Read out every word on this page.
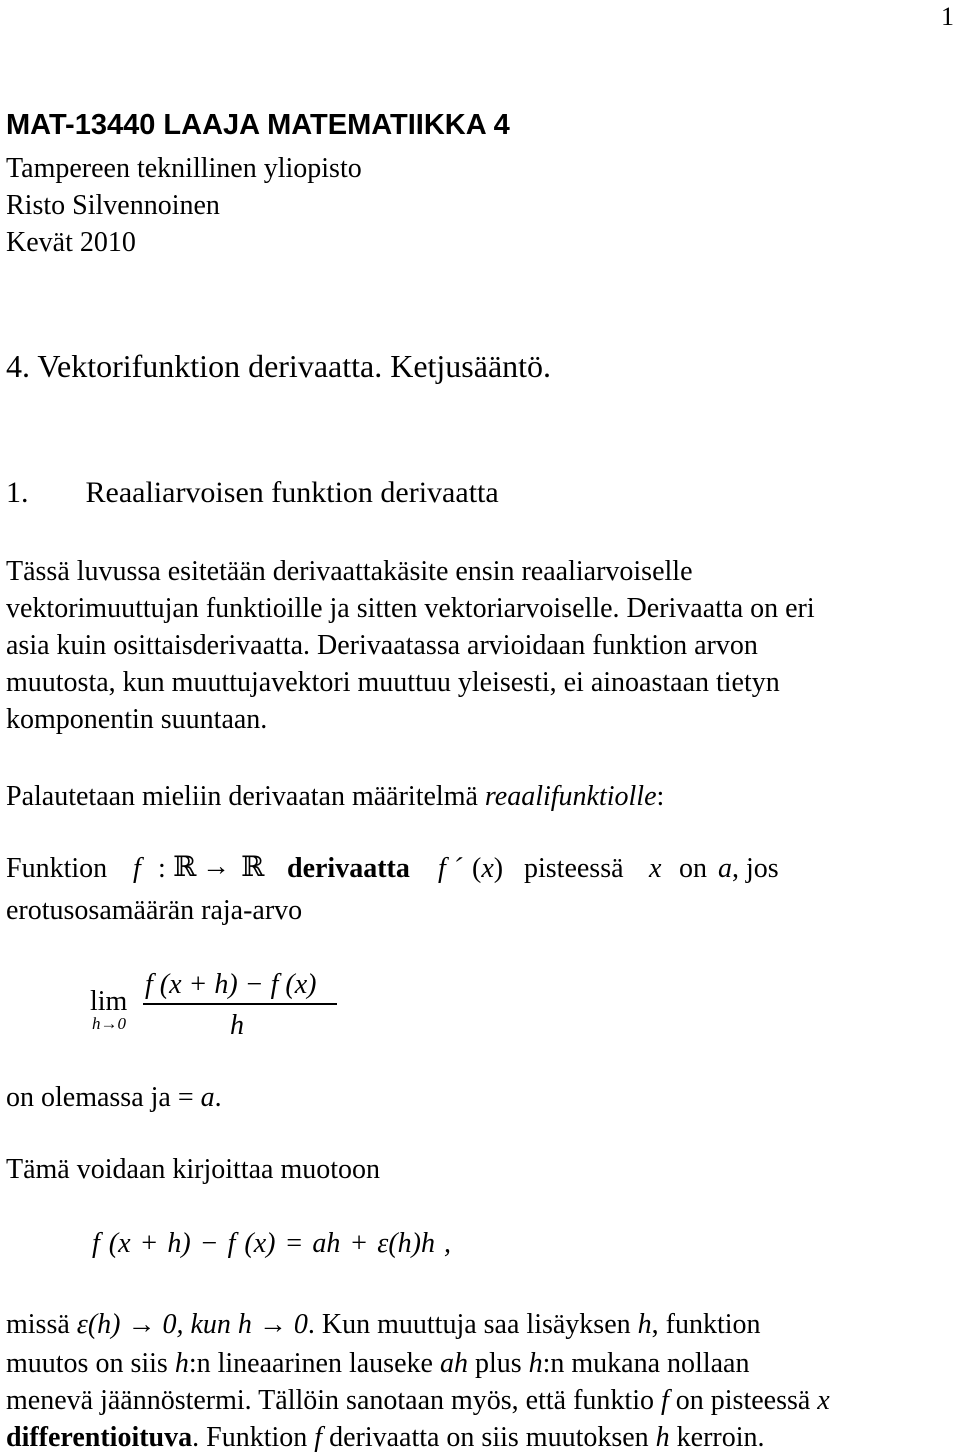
1
MAT-13440 LAAJA MATEMATIIKKA 4
Tampereen teknillinen yliopisto
Risto Silvennoinen
Kevät 2010
4. Vektorifunktion derivaatta. Ketjusääntö.
1. Reaaliarvoisen funktion derivaatta
Tässä luvussa esitetään derivaattakäsite ensin reaaliarvoiselle
vektorimuuttujan funktioille ja sitten vektoriarvoiselle. Derivaatta on eri
asia kuin osittaisderivaatta. Derivaatassa arvioidaan funktion arvon
muutosta, kun muuttujavektori muuttuu yleisesti, ei ainoastaan tietyn
komponentin suuntaan.
Palautetaan mieliin derivaatan määritelmä reaalifunktiolle:
Funktion f : ℝ → ℝ derivaatta f ´ (x) pisteessä x on a , jos
erotusosamäärän raja-arvo
lim
h→0
f (x + h) − f (x)
h
on olemassa ja = a.
Tämä voidaan kirjoittaa muotoon
f (x + h) − f (x) = ah + ε(h)h ,
missä ε(h) → 0, kun h → 0. Kun muuttuja saa lisäyksen h, funktion
muutos on siis h:n lineaarinen lauseke ah plus h:n mukana nollaan
menevä jäännöstermi. Tällöin sanotaan myös, että funktio f on pisteessä x
differentioituva. Funktion f derivaatta on siis muutoksen h kerroin.
